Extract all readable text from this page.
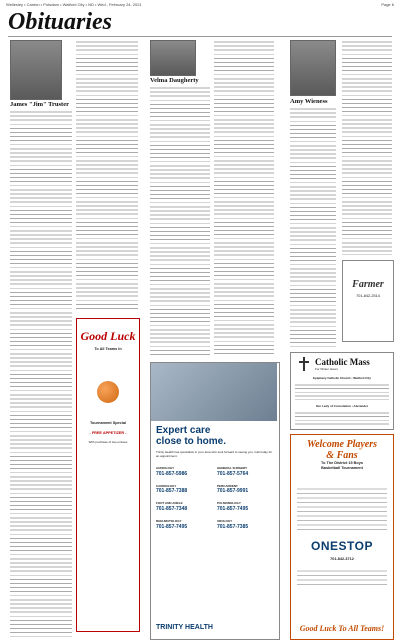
Wellesley • Canton • Potsdam • Watford City • ND • Wed., February 24, 2021	Page 6
Obituaries
James "Jim" Truster
Velma Daugherty
Amy Wieness
Farmer
701-842-2514
Good Luck
To All Teams In
Tournament Special
- FREE APPETIZER -
With purchase of two entrees
Expert care
close to home.
Trinity Health has specialists in your area who look forward to seeing you. Call today for an appointment.
AUDIOLOGY
701-857-5986
GENERAL SURGERY
701-857-5764
CARDIOLOGY
701-857-7388
PERCARDENT
701-857-9991
FOOT AND ANKLE
701-857-7348
PULMONOLOGY
701-857-7495
RHEUMATOLOGY
701-857-7495
UROLOGY
701-857-7385
TRINITY HEALTH
Catholic Mass
For Winter Hours
Epiphany Catholic Church • Watford City
Our Lady of Consolation • Alexander
Welcome Players
& Fans
To The District 15 Boys
Basketball Tournament
ONESTOP
701-842-3712
Good Luck To All Teams!
